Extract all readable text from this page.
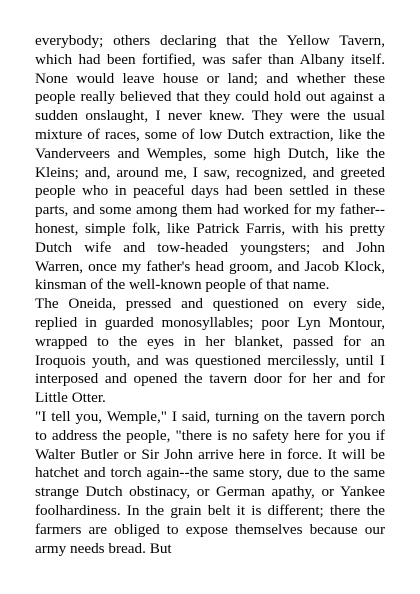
everybody; others declaring that the Yellow Tavern, which had been fortified, was safer than Albany itself. None would leave house or land; and whether these people really believed that they could hold out against a sudden onslaught, I never knew. They were the usual mixture of races, some of low Dutch extraction, like the Vanderveers and Wemples, some high Dutch, like the Kleins; and, around me, I saw, recognized, and greeted people who in peaceful days had been settled in these parts, and some among them had worked for my father--honest, simple folk, like Patrick Farris, with his pretty Dutch wife and tow-headed youngsters; and John Warren, once my father's head groom, and Jacob Klock, kinsman of the well-known people of that name.

The Oneida, pressed and questioned on every side, replied in guarded monosyllables; poor Lyn Montour, wrapped to the eyes in her blanket, passed for an Iroquois youth, and was questioned mercilessly, until I interposed and opened the tavern door for her and for Little Otter.

"I tell you, Wemple," I said, turning on the tavern porch to address the people, "there is no safety here for you if Walter Butler or Sir John arrive here in force. It will be hatchet and torch again--the same story, due to the same strange Dutch obstinacy, or German apathy, or Yankee foolhardiness. In the grain belt it is different; there the farmers are obliged to expose themselves because our army needs bread. But
